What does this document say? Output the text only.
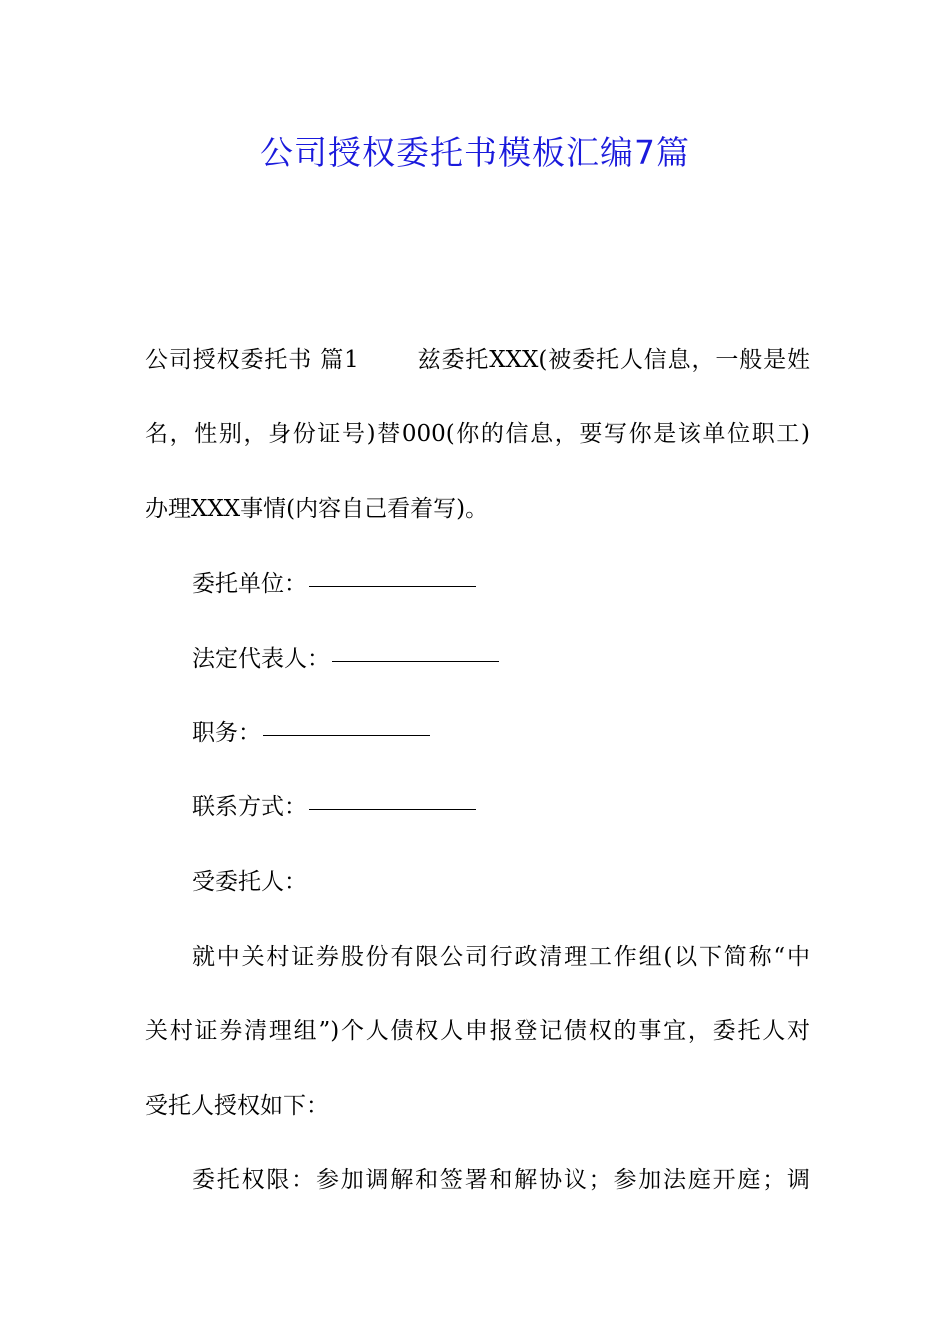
公司授权委托书模板汇编7篇
公司授权委托书 篇1	兹委托XXX(被委托人信息，一般是姓
名，性别，身份证号)替000(你的信息，要写你是该单位职工)
办理XXX事情(内容自己看着写)。
委托单位：
法定代表人：
职务：
联系方式：
受委托人：
就中关村证券股份有限公司行政清理工作组(以下简称“中
关村证券清理组”)个人债权人申报登记债权的事宜，委托人对
受托人授权如下：
委托权限：参加调解和签署和解协议；参加法庭开庭；调
